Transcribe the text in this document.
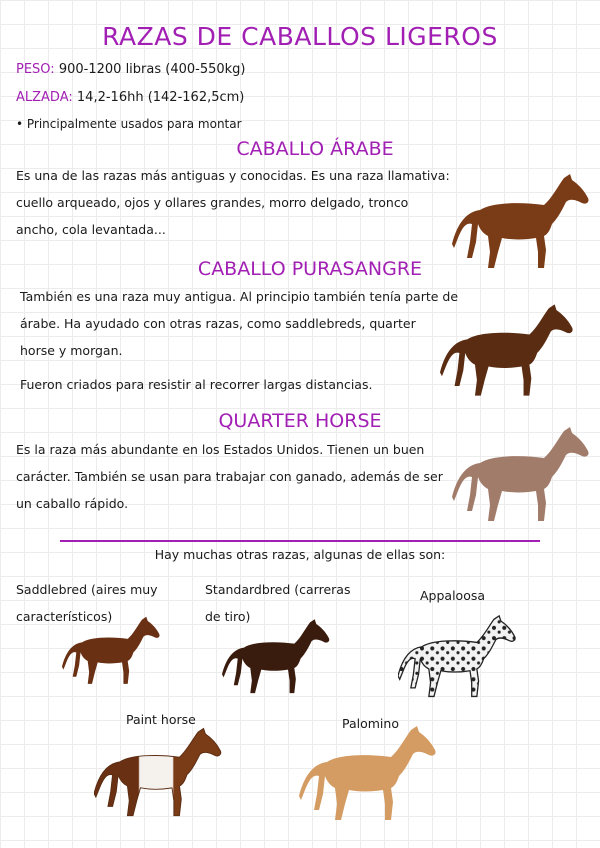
RAZAS DE CABALLOS LIGEROS
PESO: 900-1200 libras (400-550kg)
ALZADA: 14,2-16hh (142-162,5cm)
• Principalmente usados para montar
CABALLO ÁRABE
Es una de las razas más antiguas y conocidas. Es una raza llamativa:
cuello arqueado, ojos y ollares grandes, morro delgado, tronco
ancho, cola levantada...
CABALLO PURASANGRE
También es una raza muy antigua. Al principio también tenía parte de
árabe. Ha ayudado con otras razas, como saddlebreds, quarter
horse y morgan.
Fueron criados para resistir al recorrer largas distancias.
QUARTER HORSE
Es la raza más abundante en los Estados Unidos. Tienen un buen
carácter. También se usan para trabajar con ganado, además de ser
un caballo rápido.
Hay muchas otras razas, algunas de ellas son:
Saddlebred (aires muy
característicos)
Standardbred (carreras
de tiro)
Appaloosa
Paint horse	Palomino
